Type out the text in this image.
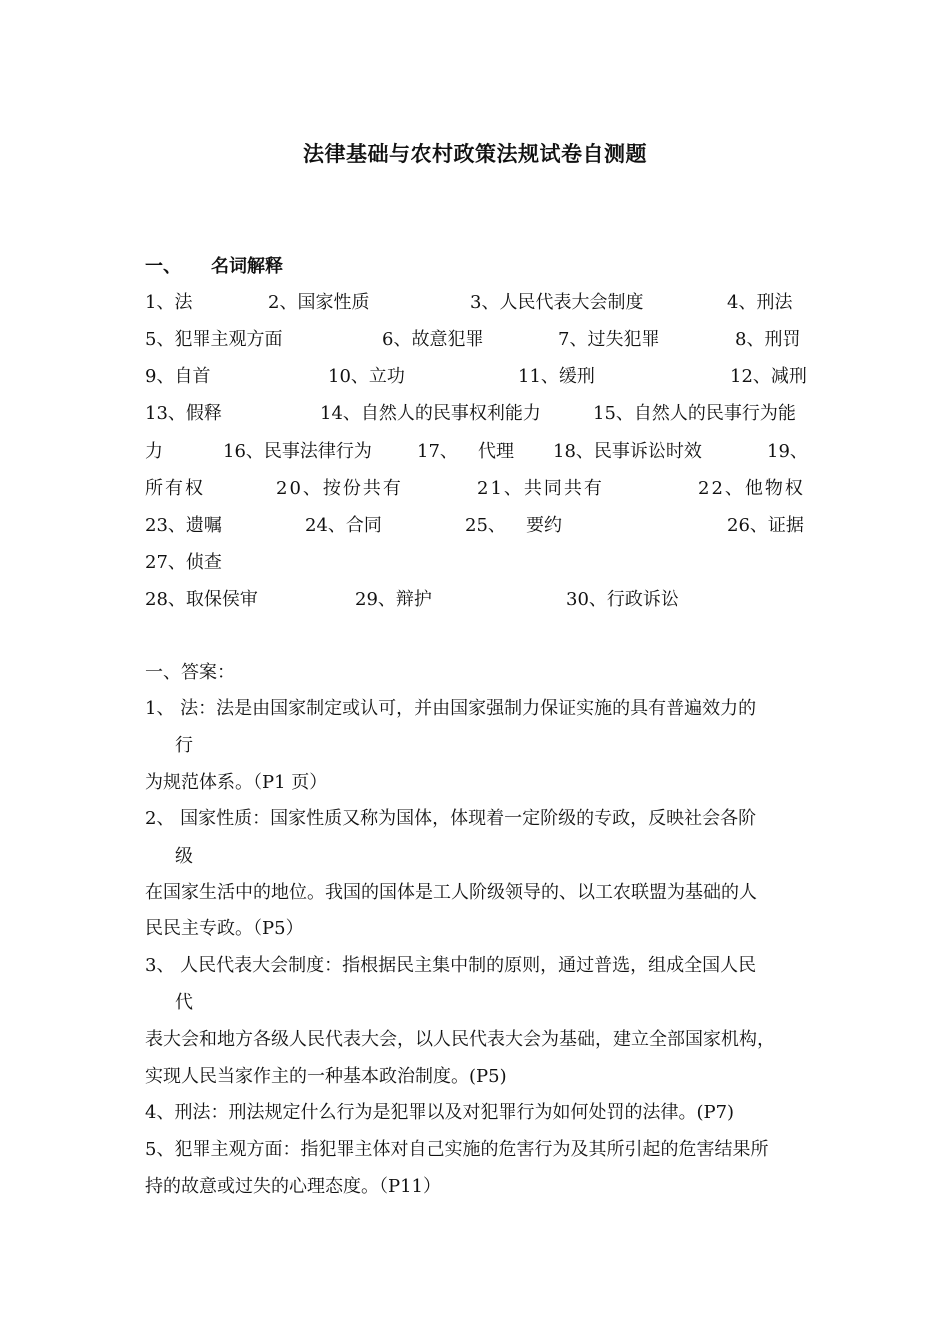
法律基础与农村政策法规试卷自测题
一、 名词解释
1、法	2、国家性质	3、人民代表大会制度	4、刑法
5、犯罪主观方面	6、故意犯罪	7、过失犯罪	8、刑罚
9、自首	10、立功	11、缓刑	12、减刑
13、假释	14、自然人的民事权利能力	15、自然人的民事行为能
力	16、民事法律行为	17、 代理 18、民事诉讼时效	19、
所有权	20、按份共有	21、共同共有	22、他物权
23、遗嘱	24、合同	25、 要约	26、证据
27、侦查
28、取保侯审	29、辩护	30、行政诉讼
一、答案：
1、 法：法是由国家制定或认可，并由国家强制力保证实施的具有普遍效力的
行
为规范体系。（P1 页）
2、 国家性质：国家性质又称为国体，体现着一定阶级的专政，反映社会各阶
级
在国家生活中的地位。我国的国体是工人阶级领导的、以工农联盟为基础的人
民民主专政。（P5）
3、 人民代表大会制度：指根据民主集中制的原则，通过普选，组成全国人民
代
表大会和地方各级人民代表大会，以人民代表大会为基础，建立全部国家机构，
实现人民当家作主的一种基本政治制度。(P5)
4、刑法：刑法规定什么行为是犯罪以及对犯罪行为如何处罚的法律。(P7)
5、犯罪主观方面：指犯罪主体对自己实施的危害行为及其所引起的危害结果所
持的故意或过失的心理态度。（P11）
